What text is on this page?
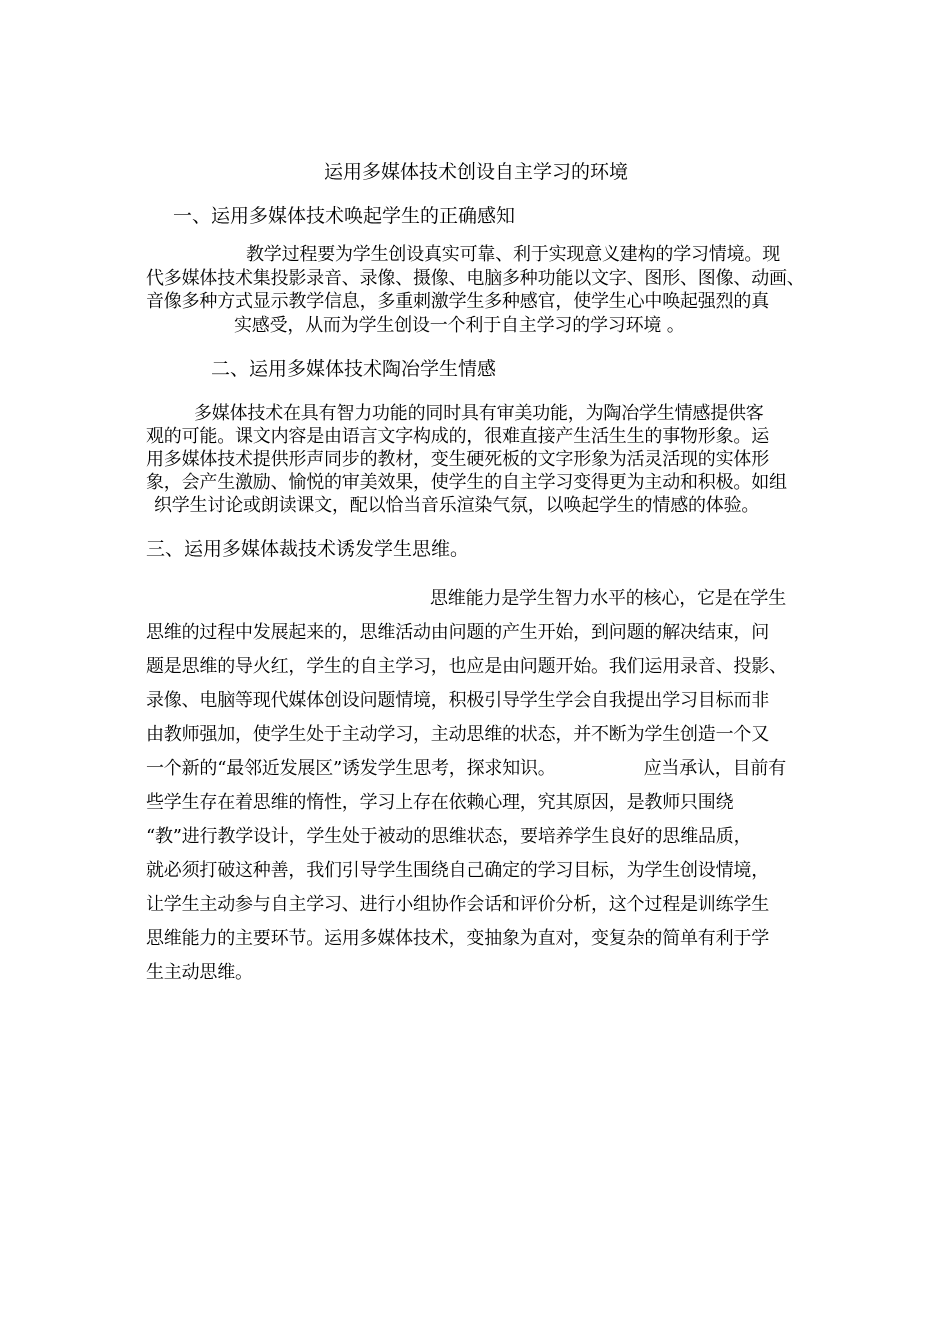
运用多媒体技术创设自主学习的环境
一、运用多媒体技术唤起学生的正确感知
教学过程要为学生创设真实可靠、利于实现意义建构的学习情境。现
代多媒体技术集投影录音、录像、摄像、电脑多种功能以文字、图形、图像、动画、
音像多种方式显示教学信息，多重刺激学生多种感官，使学生心中唤起强烈的真
实感受，从而为学生创设一个利于自主学习的学习环境 。
二、运用多媒体技术陶冶学生情感
多媒体技术在具有智力功能的同时具有审美功能，为陶冶学生情感提供客
观的可能。课文内容是由语言文字构成的，很难直接产生活生生的事物形象。运
用多媒体技术提供形声同步的教材，变生硬死板的文字形象为活灵活现的实体形
象，会产生激励、愉悦的审美效果，使学生的自主学习变得更为主动和积极。如组
织学生讨论或朗读课文，配以恰当音乐渲染气氛，以唤起学生的情感的体验。
三、运用多媒体裁技术诱发学生思维。
思维能力是学生智力水平的核心，它是在学生
思维的过程中发展起来的，思维活动由问题的产生开始，到问题的解决结束，问
题是思维的导火红，学生的自主学习，也应是由问题开始。我们运用录音、投影、
录像、电脑等现代媒体创设问题情境，积极引导学生学会自我提出学习目标而非
由教师强加，使学生处于主动学习，主动思维的状态，并不断为学生创造一个又
一个新的“最邻近发展区”诱发学生思考，探求知识。	应当承认，目前有
些学生存在着思维的惰性，学习上存在依赖心理，究其原因，是教师只围绕
“教”进行教学设计，学生处于被动的思维状态，要培养学生良好的思维品质，
就必须打破这种善，我们引导学生围绕自己确定的学习目标，为学生创设情境，
让学生主动参与自主学习、进行小组协作会话和评价分析，这个过程是训练学生
思维能力的主要环节。运用多媒体技术，变抽象为直对，变复杂的简单有利于学
生主动思维。
